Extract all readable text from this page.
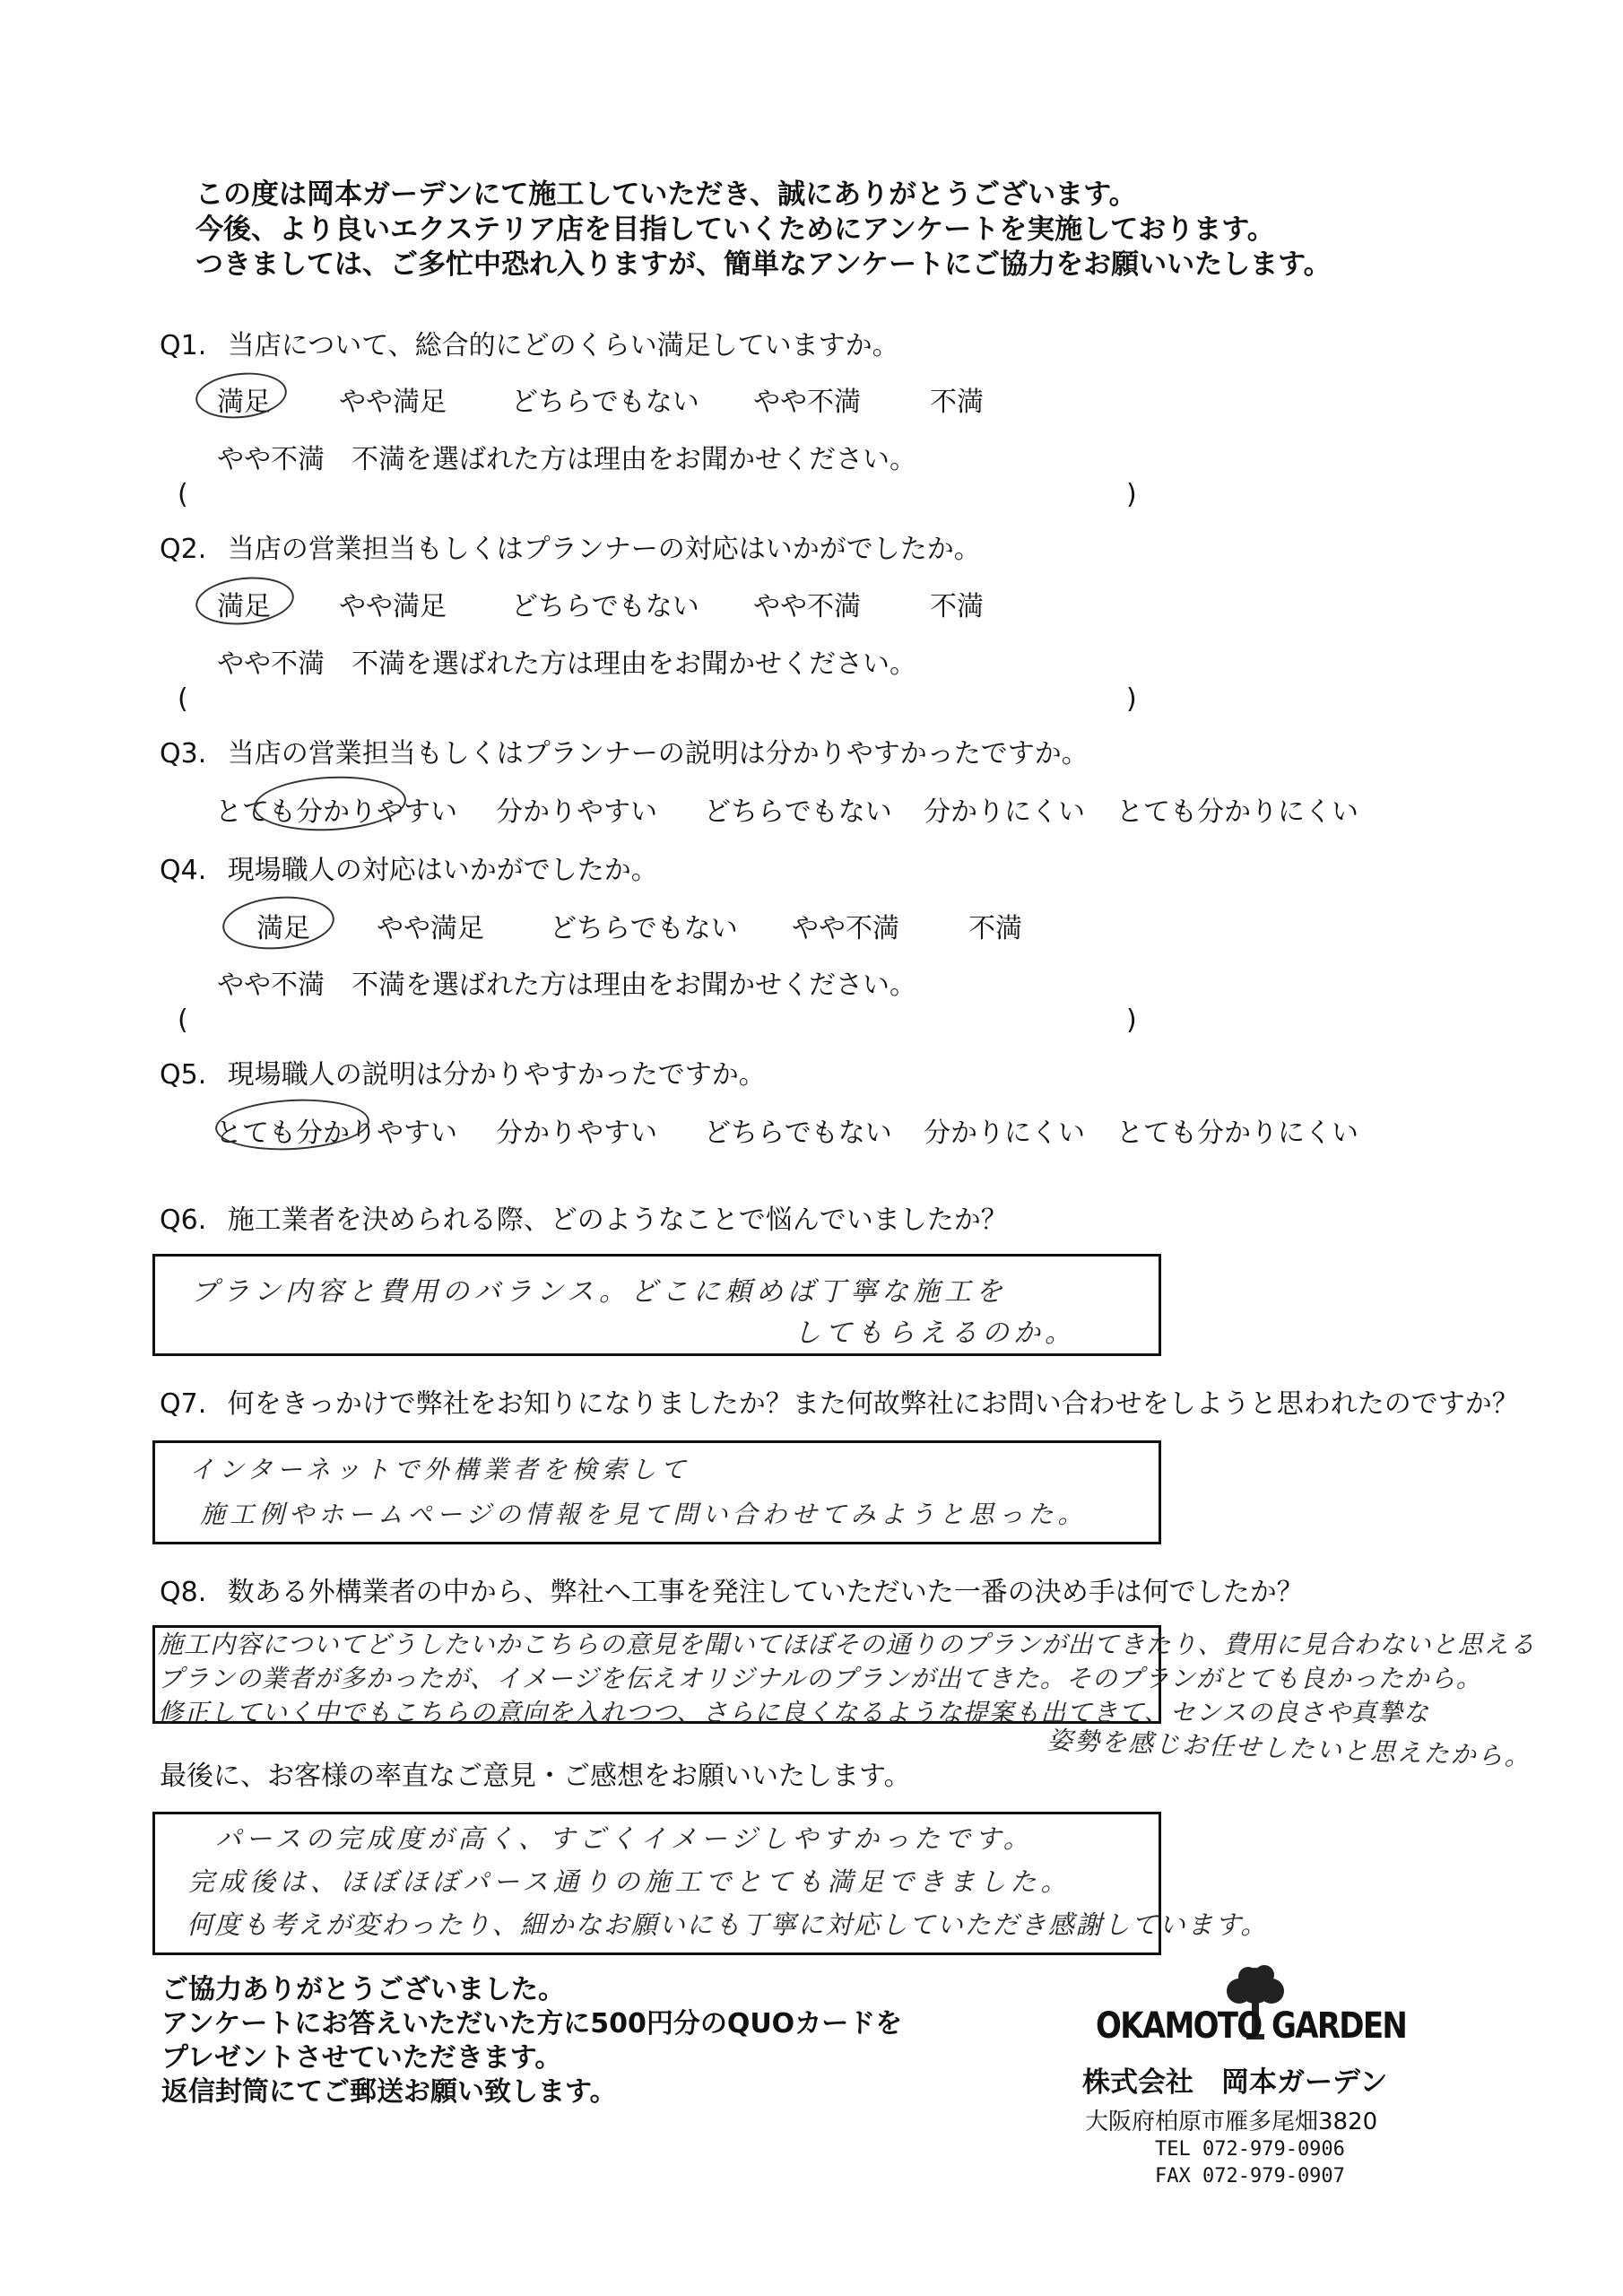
この度は岡本ガーデンにて施工していただき、誠にありがとうございます。
今後、より良いエクステリア店を目指していくためにアンケートを実施しております。
つきましては、ご多忙中恐れ入りますが、簡単なアンケートにご協力をお願いいたします。
Q1. 当店について、総合的にどのくらい満足していますか。
満足	やや満足 どちらでもない やや不満	不満
やや不満　不満を選ばれた方は理由をお聞かせください。
(	)
Q2. 当店の営業担当もしくはプランナーの対応はいかがでしたか。
満足	やや満足 どちらでもない やや不満	不満
やや不満　不満を選ばれた方は理由をお聞かせください。
(	)
Q3. 当店の営業担当もしくはプランナーの説明は分かりやすかったですか。
とても分かりやすい 分かりやすい どちらでもない 分かりにくい とても分かりにくい
Q4. 現場職人の対応はいかがでしたか。
満足 やや満足 どちらでもない やや不満	不満
やや不満　不満を選ばれた方は理由をお聞かせください。
(	)
Q5. 現場職人の説明は分かりやすかったですか。
とても分かりやすい 分かりやすい どちらでもない 分かりにくい とても分かりにくい
Q6. 施工業者を決められる際、どのようなことで悩んでいましたか？
プラン内容と費用のバランス。どこに頼めば丁寧な施工を
してもらえるのか。
Q7. 何をきっかけで弊社をお知りになりましたか？また何故弊社にお問い合わせをしようと思われたのですか？
インターネットで外構業者を検索して
施工例やホームページの情報を見て問い合わせてみようと思った。
Q8. 数ある外構業者の中から、弊社へ工事を発注していただいた一番の決め手は何でしたか？
施工内容についてどうしたいかこちらの意見を聞いてほぼその通りのプランが出てきたり、費用に見合わないと思える
プランの業者が多かったが、イメージを伝えオリジナルのプランが出てきた。そのプランがとても良かったから。
修正していく中でもこちらの意向を入れつつ、さらに良くなるような提案も出てきて、センスの良さや真摯な
姿勢を感じお任せしたいと思えたから。
最後に、お客様の率直なご意見・ご感想をお願いいたします。
パースの完成度が高く、すごくイメージしやすかったです。
完成後は、ほぼほぼパース通りの施工でとても満足できました。
何度も考えが変わったり、細かなお願いにも丁寧に対応していただき感謝しています。
ご協力ありがとうございました。
アンケートにお答えいただいた方に500円分のQUOカードを
プレゼントさせていただきます。
返信封筒にてご郵送お願い致します。
OKAMOTO GARDEN
株式会社　岡本ガーデン
大阪府柏原市雁多尾畑3820
TEL 072-979-0906
FAX 072-979-0907
